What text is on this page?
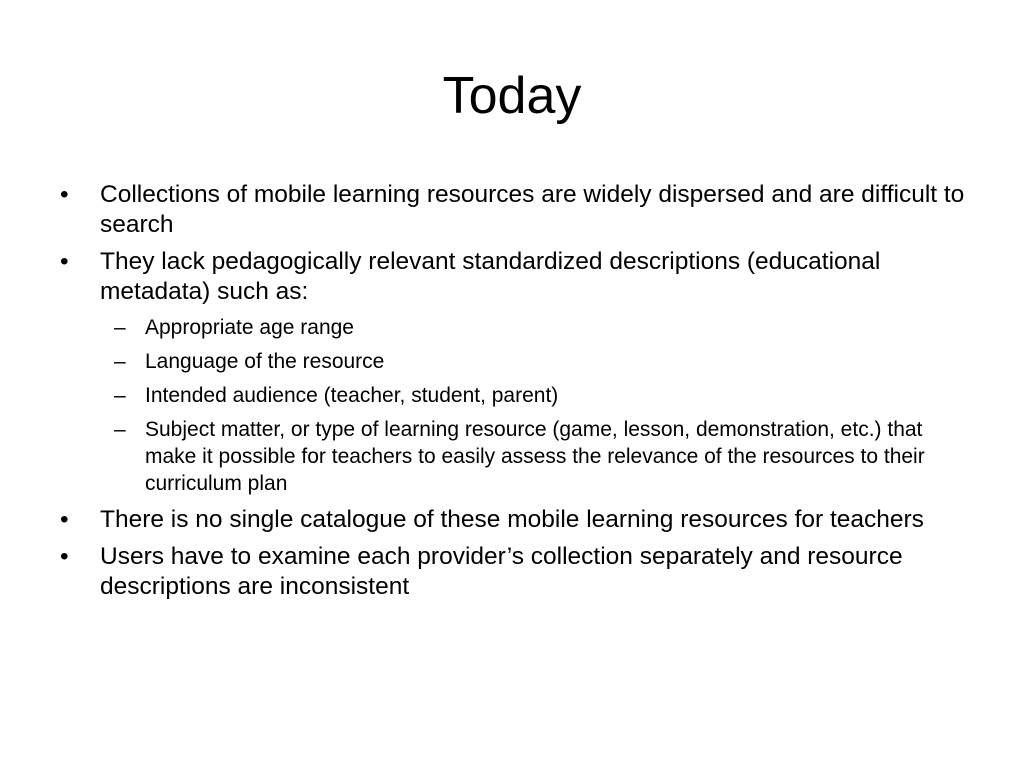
Today
• Collections of mobile learning resources are widely dispersed and are difficult to search
• They lack pedagogically relevant standardized descriptions (educational metadata) such as:
– Appropriate age range
– Language of the resource
– Intended audience (teacher, student, parent)
– Subject matter, or type of learning resource (game, lesson, demonstration, etc.) that make it possible for teachers to easily assess the relevance of the resources to their curriculum plan
• There is no single catalogue of these mobile learning resources for teachers
• Users have to examine each provider’s collection separately and resource descriptions are inconsistent
